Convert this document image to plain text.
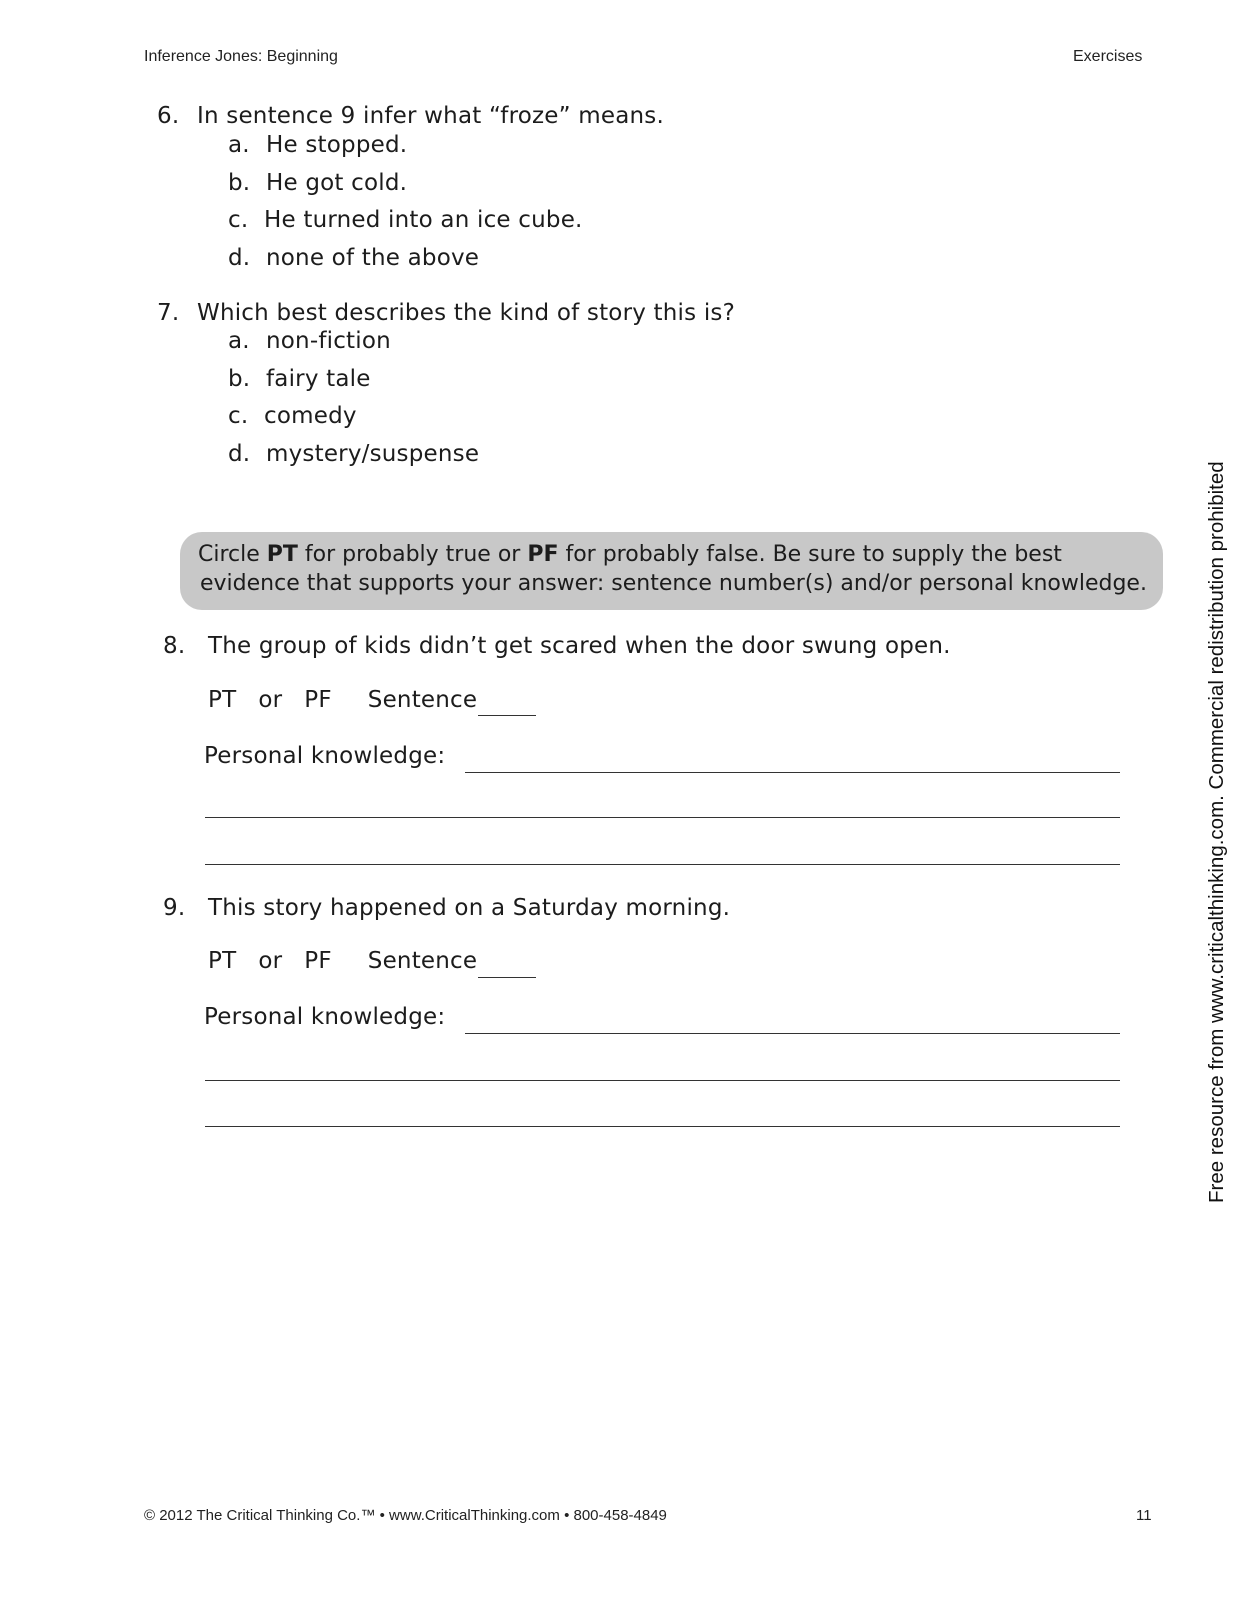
Inference Jones: Beginning	Exercises
6. In sentence 9 infer what “froze” means.
a. He stopped.
b. He got cold.
c. He turned into an ice cube.
d. none of the above
7. Which best describes the kind of story this is?
a. non-fiction
b. fairy tale
c. comedy
d. mystery/suspense
Circle PT for probably true or PF for probably false. Be sure to supply the best
evidence that supports your answer: sentence number(s) and/or personal knowledge.
8. The group of kids didn’t get scared when the door swung open.
PT or PF Sentence
Personal knowledge:
9. This story happened on a Saturday morning.
PT or PF Sentence
Personal knowledge:	Free resource from www.criticalthinking.com. Commercial redistribution prohibited
© 2012 The Critical Thinking Co.™ • www.CriticalThinking.com • 800-458-4849	11
